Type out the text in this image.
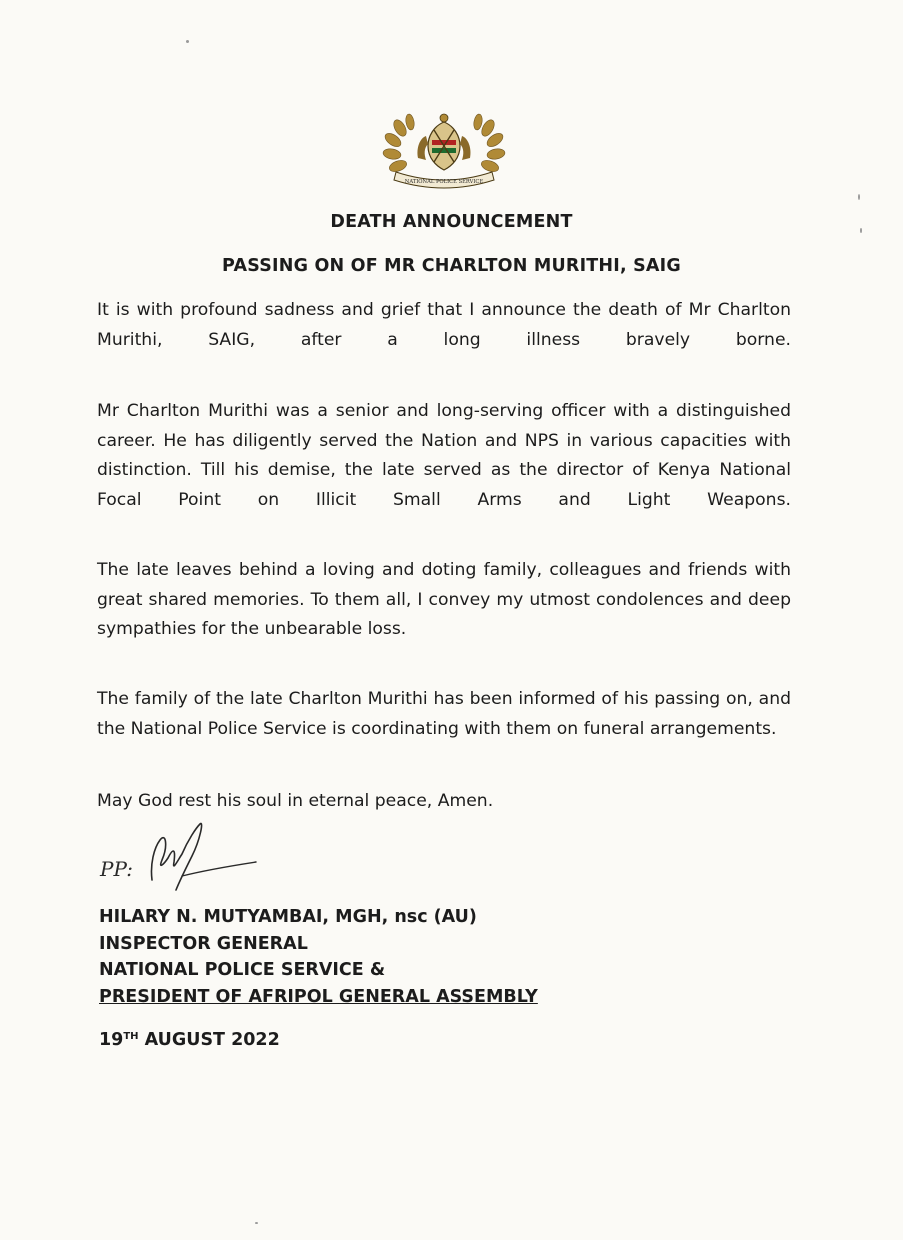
NATIONAL POLICE SERVICE
DEATH ANNOUNCEMENT
PASSING ON OF MR CHARLTON MURITHI, SAIG

It is with profound sadness and grief that I announce the death of Mr Charlton Murithi, SAIG, after a long illness bravely borne.

Mr Charlton Murithi was a senior and long-serving officer with a distinguished career. He has diligently served the Nation and NPS in various capacities with distinction. Till his demise, the late served as the director of Kenya National Focal Point on Illicit Small Arms and Light Weapons.

The late leaves behind a loving and doting family, colleagues and friends with great shared memories. To them all, I convey my utmost condolences and deep sympathies for the unbearable loss.

The family of the late Charlton Murithi has been informed of his passing on, and the National Police Service is coordinating with them on funeral arrangements.

May God rest his soul in eternal peace, Amen.

PP:
HILARY N. MUTYAMBAI, MGH, nsc (AU)
INSPECTOR GENERAL
NATIONAL POLICE SERVICE &
PRESIDENT OF AFRIPOL GENERAL ASSEMBLY
19TH AUGUST 2022
